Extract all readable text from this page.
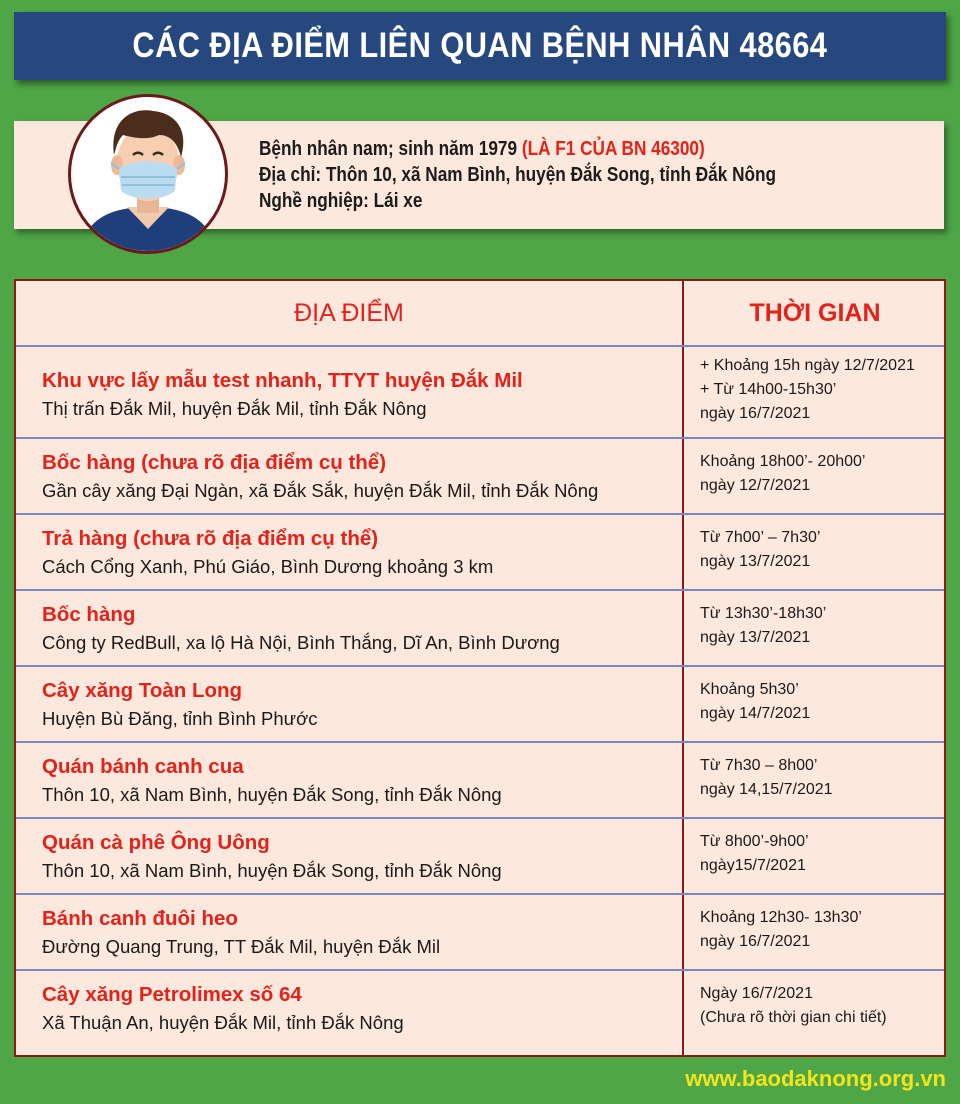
CÁC ĐỊA ĐIỂM LIÊN QUAN BỆNH NHÂN 48664
Bệnh nhân nam; sinh năm 1979 (LÀ F1 CỦA BN 46300)
Địa chỉ: Thôn 10, xã Nam Bình, huyện Đắk Song, tỉnh Đắk Nông
Nghề nghiệp: Lái xe
ĐỊA ĐIỂM	THỜI GIAN
Khu vực lấy mẫu test nhanh, TTYT huyện Đắk Mil
Thị trấn Đắk Mil, huyện Đắk Mil, tỉnh Đắk Nông
+ Khoảng 15h ngày 12/7/2021
+ Từ 14h00-15h30’
ngày 16/7/2021
Bốc hàng (chưa rõ địa điểm cụ thể)
Gần cây xăng Đại Ngàn, xã Đắk Sắk, huyện Đắk Mil, tỉnh Đắk Nông
Khoảng 18h00’- 20h00’
ngày 12/7/2021
Trả hàng (chưa rõ địa điểm cụ thể)
Cách Cổng Xanh, Phú Giáo, Bình Dương khoảng 3 km
Từ 7h00’ – 7h30’
ngày 13/7/2021
Bốc hàng
Công ty RedBull, xa lộ Hà Nội, Bình Thắng, Dĩ An, Bình Dương
Từ 13h30’-18h30’
ngày 13/7/2021
Cây xăng Toàn Long
Huyện Bù Đăng, tỉnh Bình Phước
Khoảng 5h30’
ngày 14/7/2021
Quán bánh canh cua
Thôn 10, xã Nam Bình, huyện Đắk Song, tỉnh Đắk Nông
Từ 7h30 – 8h00’
ngày 14,15/7/2021
Quán cà phê Ông Uông
Thôn 10, xã Nam Bình, huyện Đắk Song, tỉnh Đắk Nông
Từ 8h00’-9h00’
ngày15/7/2021
Bánh canh đuôi heo
Đường Quang Trung, TT Đắk Mil, huyện Đắk Mil
Khoảng 12h30- 13h30’
ngày 16/7/2021
Cây xăng Petrolimex số 64
Xã Thuận An, huyện Đắk Mil, tỉnh Đắk Nông
Ngày 16/7/2021
(Chưa rõ thời gian chi tiết)
www.baodaknong.org.vn
